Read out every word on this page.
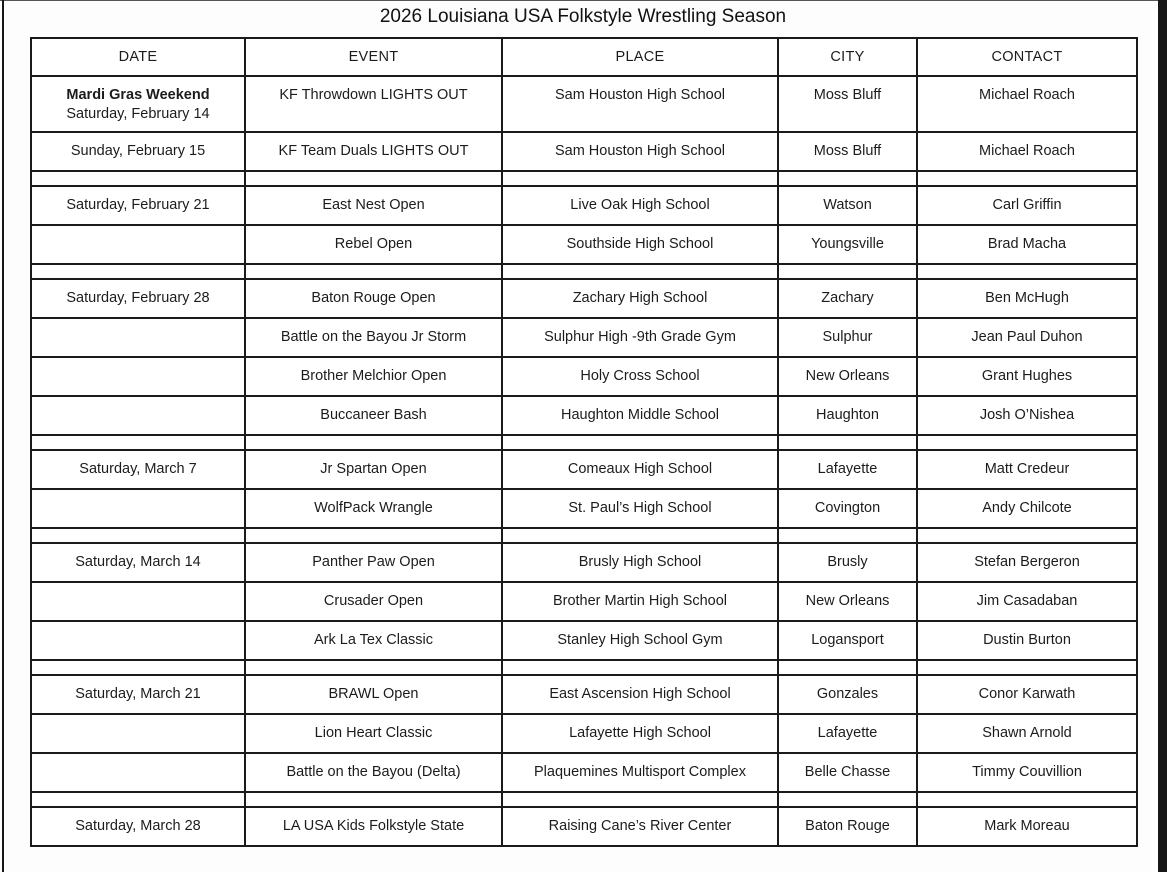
2026 Louisiana USA Folkstyle Wrestling Season
DATE	EVENT	PLACE	CITY	CONTACT

Mardi Gras Weekend
Saturday, February 14	KF Throwdown LIGHTS OUT	Sam Houston High School	Moss Bluff	Michael Roach
Sunday, February 15	KF Team Duals LIGHTS OUT	Sam Houston High School	Moss Bluff	Michael Roach

Saturday, February 21	East Nest Open	Live Oak High School	Watson	Carl Griffin
	Rebel Open	Southside High School	Youngsville	Brad Macha

Saturday, February 28	Baton Rouge Open	Zachary High School	Zachary	Ben McHugh
	Battle on the Bayou Jr Storm	Sulphur High -9th Grade Gym	Sulphur	Jean Paul Duhon
	Brother Melchior Open	Holy Cross School	New Orleans	Grant Hughes
	Buccaneer Bash	Haughton Middle School	Haughton	Josh O’Nishea

Saturday, March 7	Jr Spartan Open	Comeaux High School	Lafayette	Matt Credeur
	WolfPack Wrangle	St. Paul’s High School	Covington	Andy Chilcote

Saturday, March 14	Panther Paw Open	Brusly High School	Brusly	Stefan Bergeron
	Crusader Open	Brother Martin High School	New Orleans	Jim Casadaban
	Ark La Tex Classic	Stanley High School Gym	Logansport	Dustin Burton

Saturday, March 21	BRAWL Open	East Ascension High School	Gonzales	Conor Karwath
	Lion Heart Classic	Lafayette High School	Lafayette	Shawn Arnold
	Battle on the Bayou (Delta)	Plaquemines Multisport Complex	Belle Chasse	Timmy Couvillion

Saturday, March 28	LA USA Kids Folkstyle State	Raising Cane’s River Center	Baton Rouge	Mark Moreau
